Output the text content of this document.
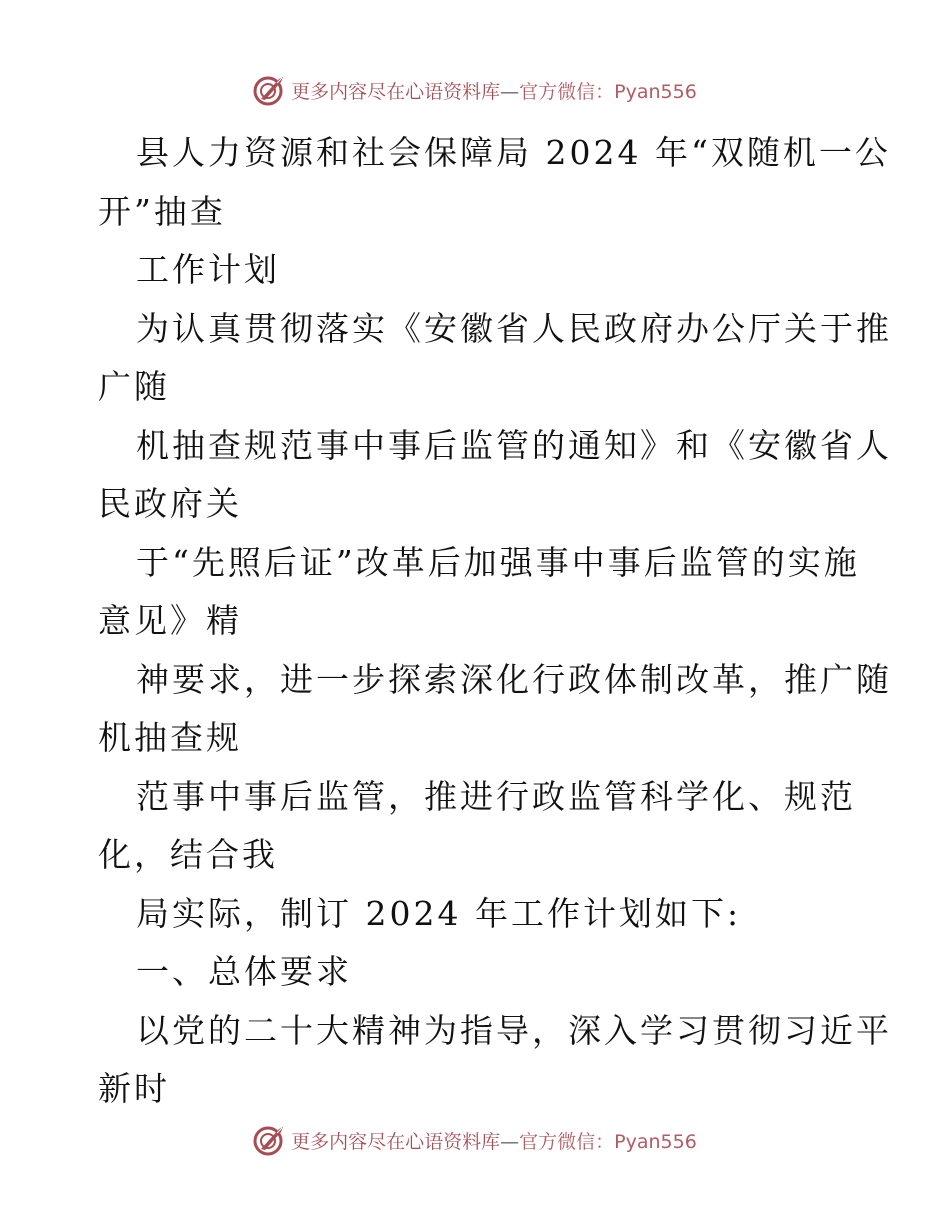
更多内容尽在心语资料库—官方微信：Pyan556
县人力资源和社会保障局 2024 年“双随机一公
开”抽查
工作计划
为认真贯彻落实《安徽省人民政府办公厅关于推
广随
机抽查规范事中事后监管的通知》和《安徽省人
民政府关
于“先照后证”改革后加强事中事后监管的实施
意见》精
神要求，进一步探索深化行政体制改革，推广随
机抽查规
范事中事后监管，推进行政监管科学化、规范
化，结合我
局实际，制订 2024 年工作计划如下:
一、总体要求
以党的二十大精神为指导，深入学习贯彻习近平
新时
更多内容尽在心语资料库—官方微信：Pyan556
